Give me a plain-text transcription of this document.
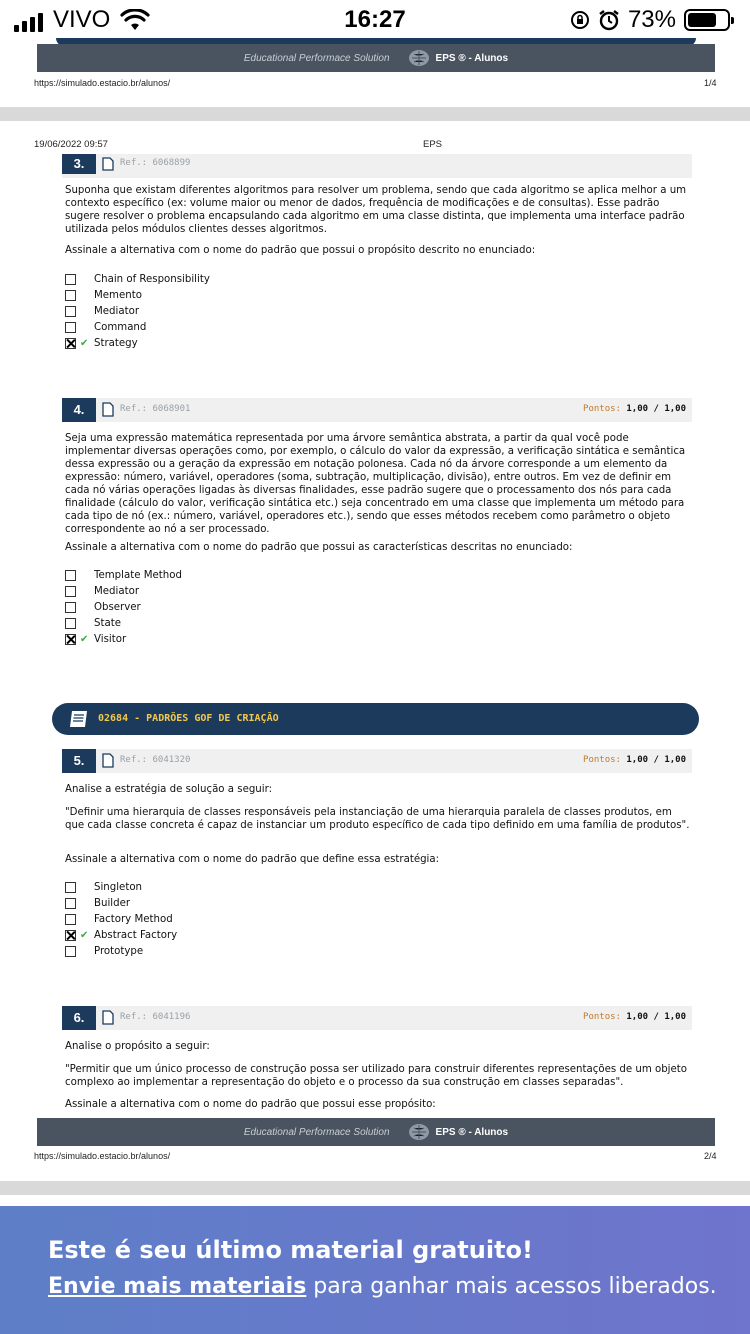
VIVO	16:27	73%
Educational Performace Solution	EPS ® - Alunos
https://simulado.estacio.br/alunos/	1/4
19/06/2022 09:57	EPS
3.	Ref.: 6068899
Suponha que existam diferentes algoritmos para resolver um problema, sendo que cada algoritmo se aplica melhor a um contexto específico (ex: volume maior ou menor de dados, frequência de modificações e de consultas). Esse padrão sugere resolver o problema encapsulando cada algoritmo em uma classe distinta, que implementa uma interface padrão utilizada pelos módulos clientes desses algoritmos.
Assinale a alternativa com o nome do padrão que possui o propósito descrito no enunciado:
Chain of Responsibility
Memento
Mediator
Command
✔ Strategy
4.	Ref.: 6068901	Pontos: 1,00 / 1,00
Seja uma expressão matemática representada por uma árvore semântica abstrata, a partir da qual você pode implementar diversas operações como, por exemplo, o cálculo do valor da expressão, a verificação sintática e semântica dessa expressão ou a geração da expressão em notação polonesa. Cada nó da árvore corresponde a um elemento da expressão: número, variável, operadores (soma, subtração, multiplicação, divisão), entre outros. Em vez de definir em cada nó várias operações ligadas às diversas finalidades, esse padrão sugere que o processamento dos nós para cada finalidade (cálculo do valor, verificação sintática etc.) seja concentrado em uma classe que implementa um método para cada tipo de nó (ex.: número, variável, operadores etc.), sendo que esses métodos recebem como parâmetro o objeto correspondente ao nó a ser processado.
Assinale a alternativa com o nome do padrão que possui as características descritas no enunciado:
Template Method
Mediator
Observer
State
✔ Visitor
02684 - PADRÕES GOF DE CRIAÇÃO
5.	Ref.: 6041320	Pontos: 1,00 / 1,00
Analise a estratégia de solução a seguir:
"Definir uma hierarquia de classes responsáveis pela instanciação de uma hierarquia paralela de classes produtos, em que cada classe concreta é capaz de instanciar um produto específico de cada tipo definido em uma família de produtos".
Assinale a alternativa com o nome do padrão que define essa estratégia:
Singleton
Builder
Factory Method
✔ Abstract Factory
Prototype
6.	Ref.: 6041196	Pontos: 1,00 / 1,00
Analise o propósito a seguir:
"Permitir que um único processo de construção possa ser utilizado para construir diferentes representações de um objeto complexo ao implementar a representação do objeto e o processo da sua construção em classes separadas".
Assinale a alternativa com o nome do padrão que possui esse propósito:
Educational Performace Solution	EPS ® - Alunos
https://simulado.estacio.br/alunos/	2/4
Este é seu último material gratuito!
Envie mais materiais para ganhar mais acessos liberados.
